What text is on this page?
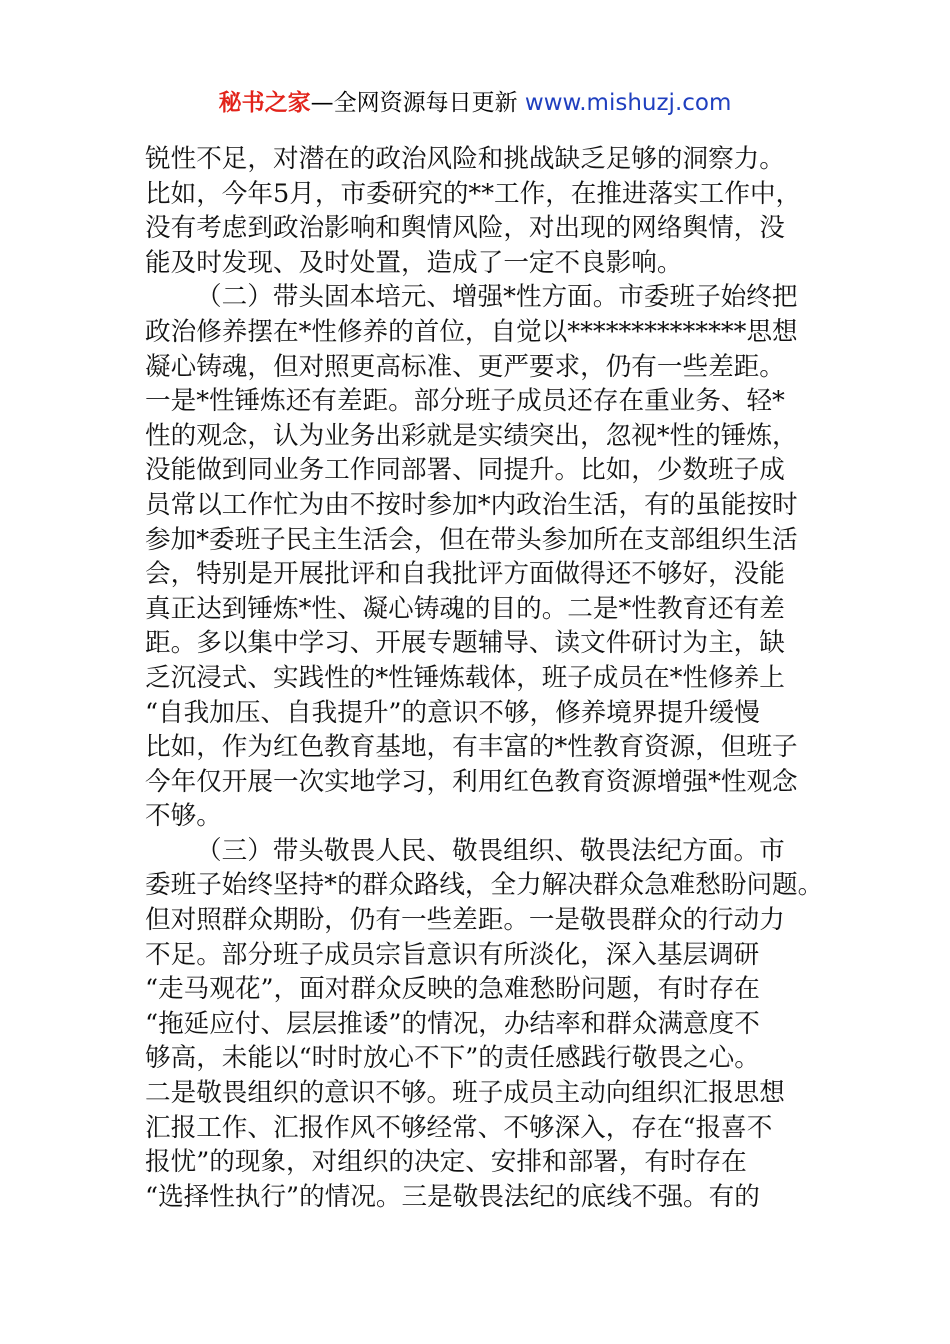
秘书之家—全网资源每日更新 www.mishuzj.com
锐性不足，对潜在的政治风险和挑战缺乏足够的洞察力。
比如，今年5月，市委研究的**工作，在推进落实工作中，
没有考虑到政治影响和舆情风险，对出现的网络舆情，没
能及时发现、及时处置，造成了一定不良影响。
（二）带头固本培元、增强*性方面。市委班子始终把
政治修养摆在*性修养的首位，自觉以**************思想
凝心铸魂，但对照更高标准、更严要求，仍有一些差距。
一是*性锤炼还有差距。部分班子成员还存在重业务、轻*
性的观念，认为业务出彩就是实绩突出，忽视*性的锤炼，
没能做到同业务工作同部署、同提升。比如，少数班子成
员常以工作忙为由不按时参加*内政治生活，有的虽能按时
参加*委班子民主生活会，但在带头参加所在支部组织生活
会，特别是开展批评和自我批评方面做得还不够好，没能
真正达到锤炼*性、凝心铸魂的目的。二是*性教育还有差
距。多以集中学习、开展专题辅导、读文件研讨为主，缺
乏沉浸式、实践性的*性锤炼载体，班子成员在*性修养上
“自我加压、自我提升”的意识不够，修养境界提升缓慢
比如，作为红色教育基地，有丰富的*性教育资源，但班子
今年仅开展一次实地学习，利用红色教育资源增强*性观念
不够。
（三）带头敬畏人民、敬畏组织、敬畏法纪方面。市
委班子始终坚持*的群众路线，全力解决群众急难愁盼问题。
但对照群众期盼，仍有一些差距。一是敬畏群众的行动力
不足。部分班子成员宗旨意识有所淡化，深入基层调研
“走马观花”，面对群众反映的急难愁盼问题，有时存在
“拖延应付、层层推诿”的情况，办结率和群众满意度不
够高，未能以“时时放心不下”的责任感践行敬畏之心。
二是敬畏组织的意识不够。班子成员主动向组织汇报思想
汇报工作、汇报作风不够经常、不够深入，存在“报喜不
报忧”的现象，对组织的决定、安排和部署，有时存在
“选择性执行”的情况。三是敬畏法纪的底线不强。有的
